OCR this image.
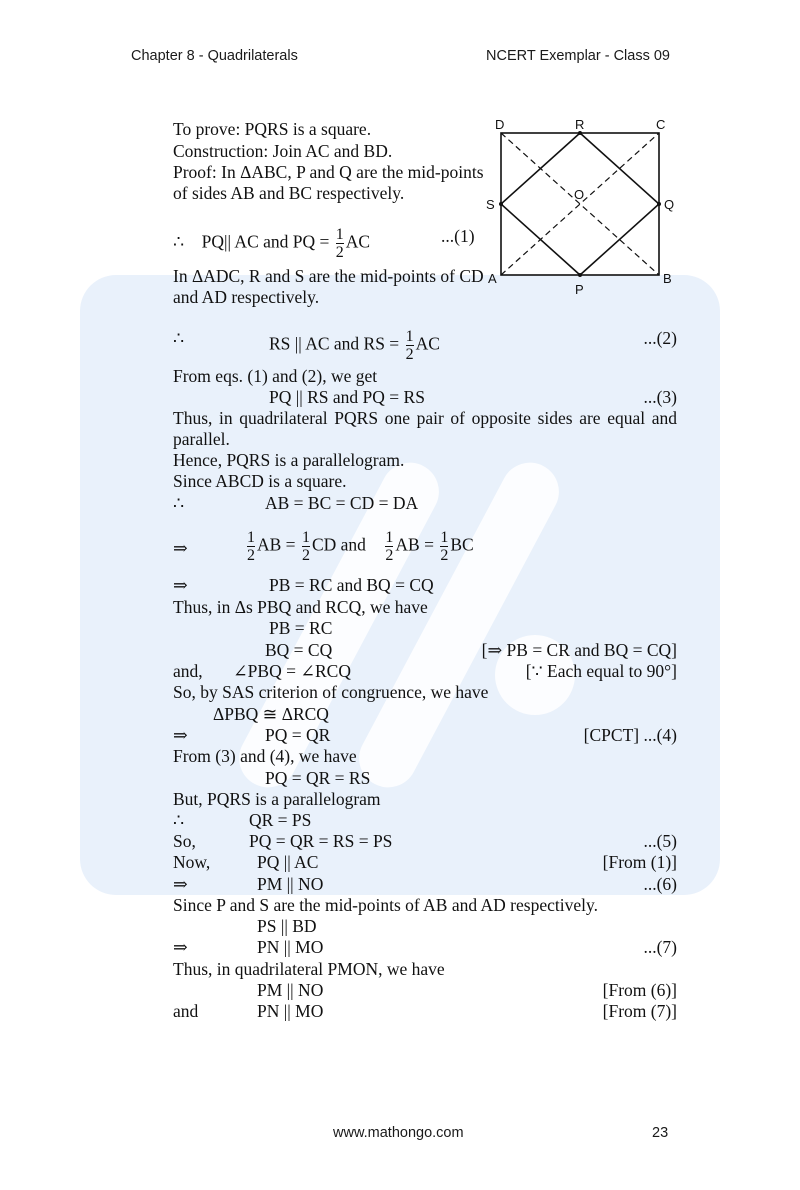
Chapter 8 - Quadrilaterals	NCERT Exemplar - Class 09
D	R	C
S
O
Q
A	B
P
To prove: PQRS is a square.
Construction: Join AC and BD.
Proof: In ΔABC, P and Q are the mid-points
of sides AB and BC respectively.
∴ PQ|| AC and PQ = $\frac{1}{2}$ AC	...(1)
In ΔADC, R and S are the mid-points of CD
and AD respectively.
∴	RS || AC and RS = $\frac{1}{2}$ AC	...(2)
From eqs. (1) and (2), we get
PQ || RS and PQ = RS	...(3)
Thus, in quadrilateral PQRS one pair of opposite sides are equal and
parallel.
Hence, PQRS is a parallelogram.
Since ABCD is a square.
∴	AB = BC = CD = DA
⇒	$\frac{1}{2}$ AB = $\frac{1}{2}$ CD and $\frac{1}{2}$ AB = $\frac{1}{2}$ BC
⇒	PB = RC and BQ = CQ
Thus, in Δs PBQ and RCQ, we have
PB = RC
BQ = CQ	[⇒ PB = CR and BQ = CQ]
and, ∠PBQ = ∠RCQ	[∵ Each equal to 90°]
So, by SAS criterion of congruence, we have
ΔPBQ ≅ ΔRCQ
⇒	PQ = QR	[CPCT] ...(4)
From (3) and (4), we have
PQ = QR = RS
But, PQRS is a parallelogram
∴	QR = PS
So,	PQ = QR = RS = PS	...(5)
Now,	PQ || AC	[From (1)]
⇒	PM || NO	...(6)
Since P and S are the mid-points of AB and AD respectively.
PS || BD
⇒	PN || MO	...(7)
Thus, in quadrilateral PMON, we have
PM || NO	[From (6)]
and	PN || MO	[From (7)]
www.mathongo.com	23
